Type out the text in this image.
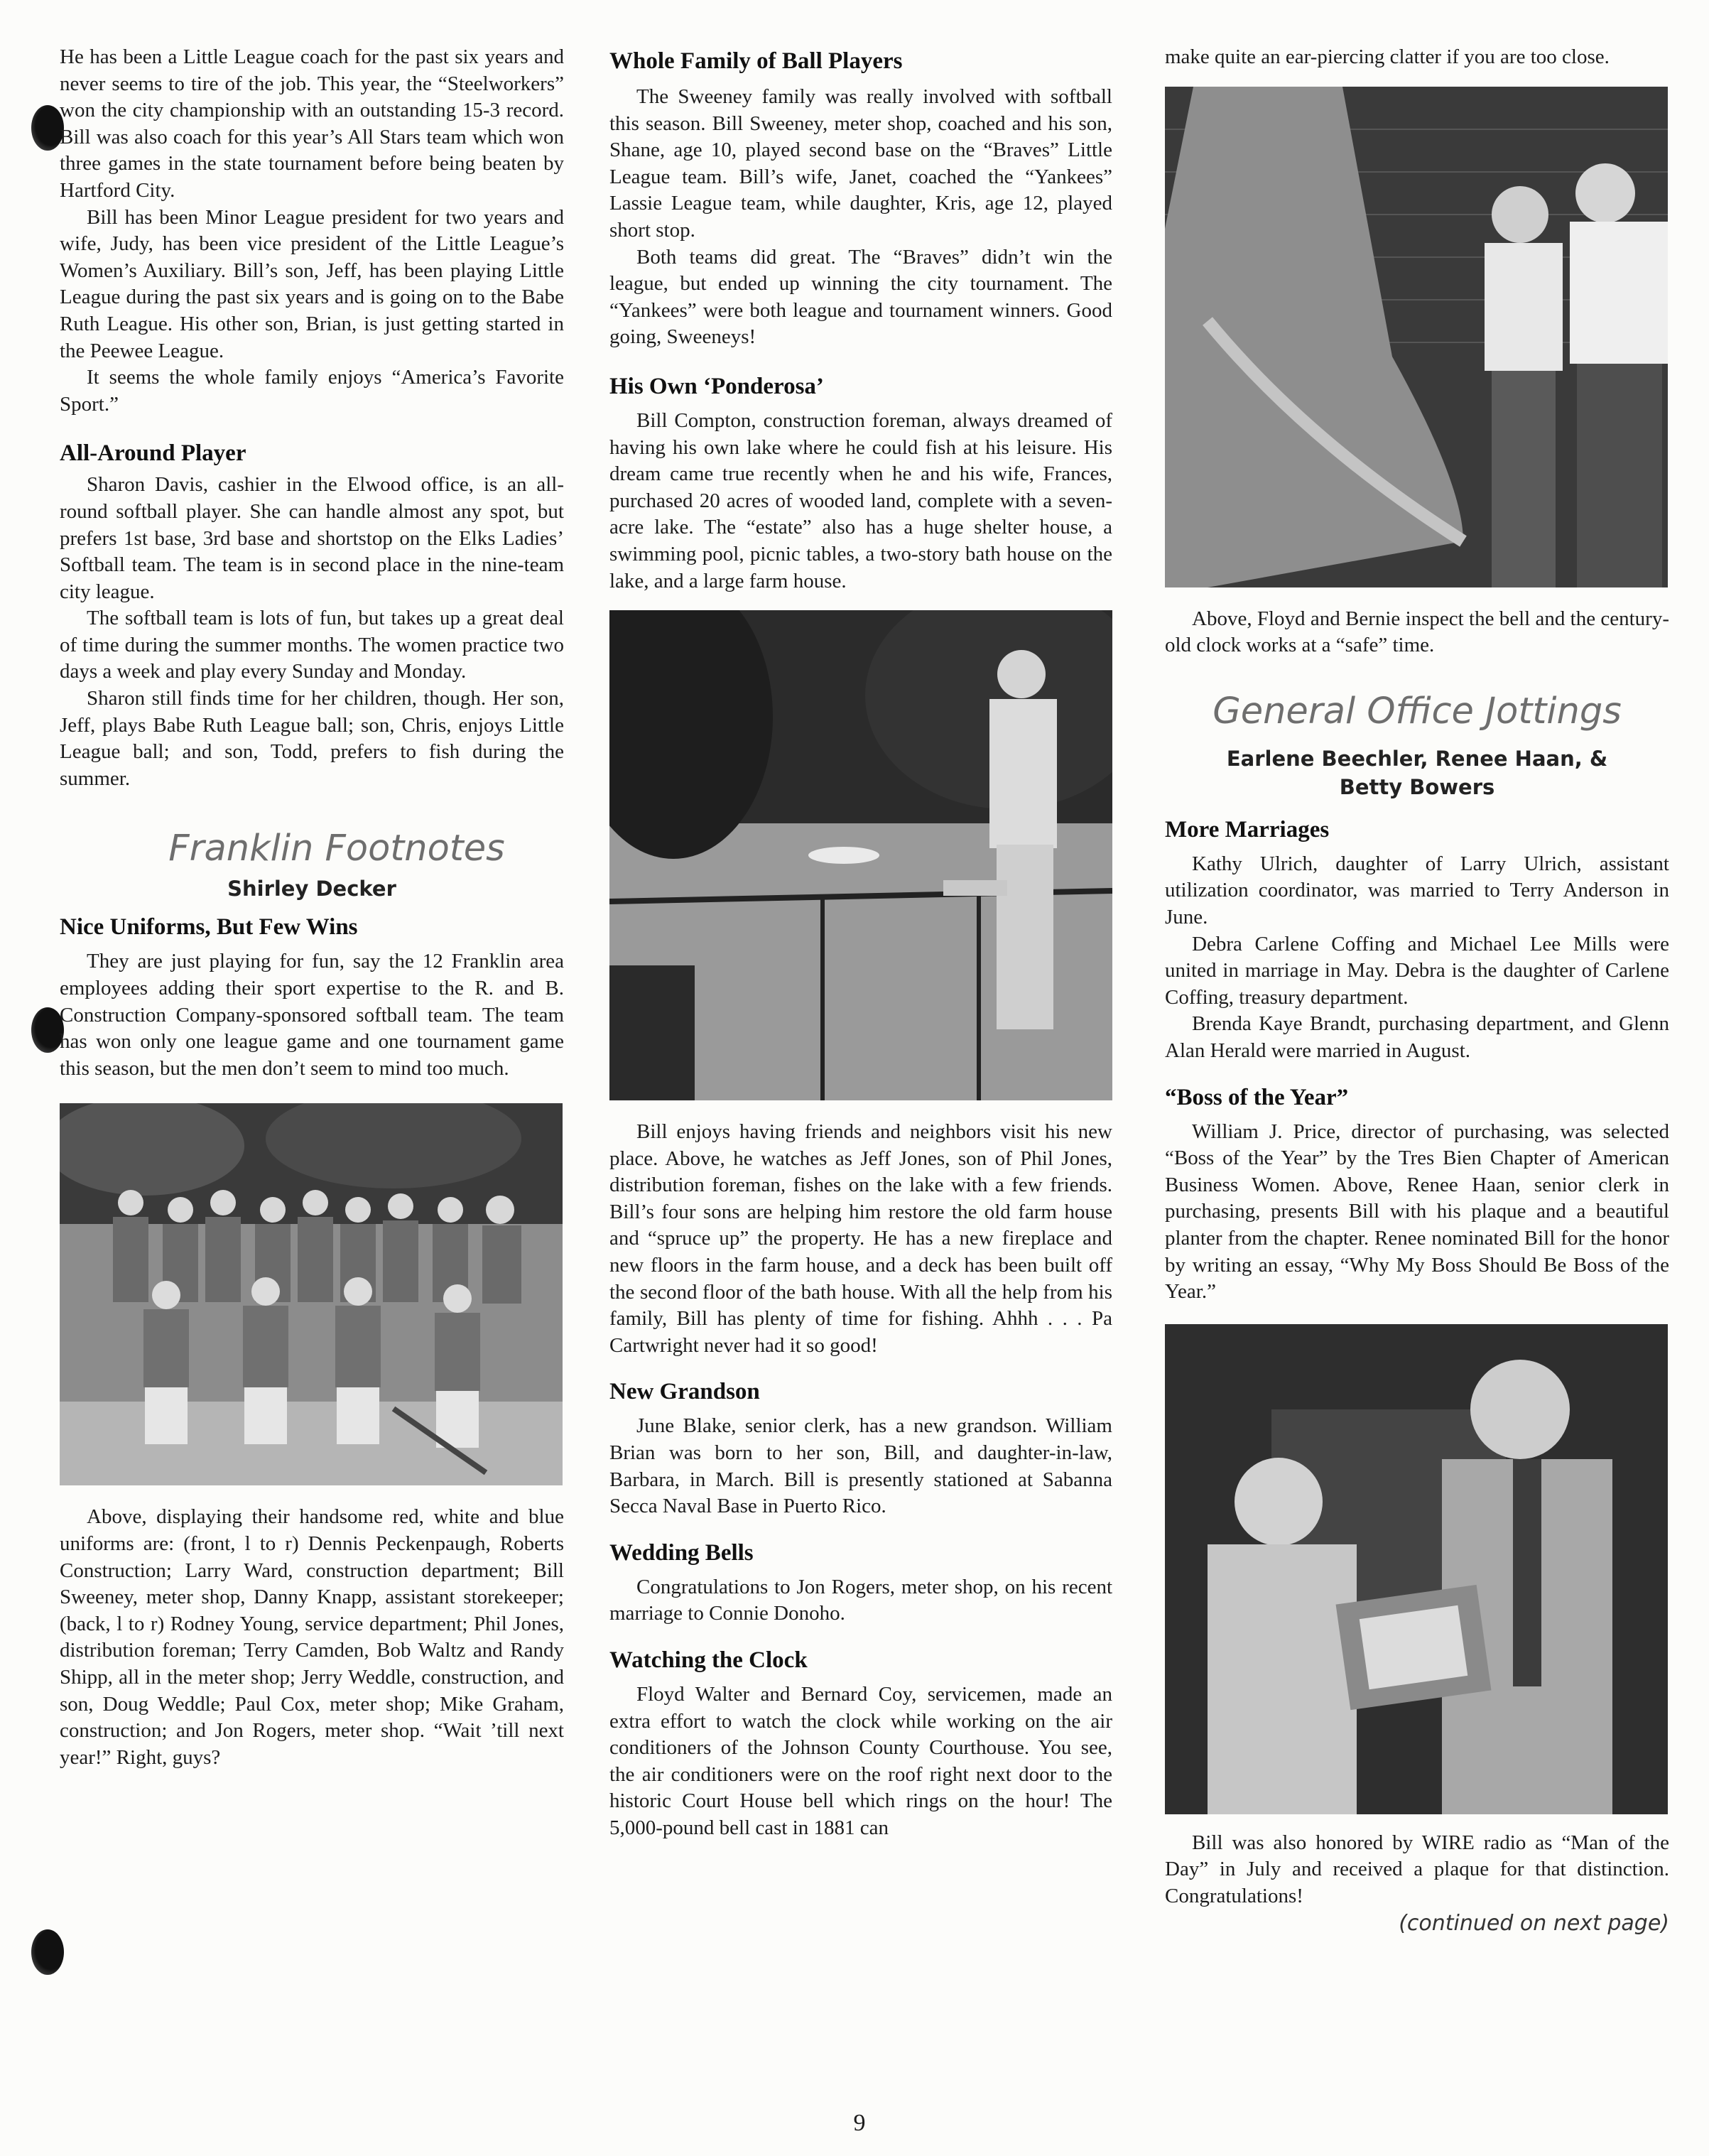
He has been a Little League coach for the past six years and never seems to tire of the job. This year, the “Steelworkers” won the city championship with an outstanding 15-3 record. Bill was also coach for this year’s All Stars team which won three games in the state tournament before being beaten by Hartford City.

Bill has been Minor League president for two years and wife, Judy, has been vice president of the Little League’s Women’s Auxiliary. Bill’s son, Jeff, has been playing Little League during the past six years and is going on to the Babe Ruth League. His other son, Brian, is just getting started in the Peewee League.

It seems the whole family enjoys “America’s Favorite Sport.”

All-Around Player

Sharon Davis, cashier in the Elwood office, is an all-round softball player. She can handle almost any spot, but prefers 1st base, 3rd base and shortstop on the Elks Ladies’ Softball team. The team is in second place in the nine-team city league.

The softball team is lots of fun, but takes up a great deal of time during the summer months. The women practice two days a week and play every Sunday and Monday.

Sharon still finds time for her children, though. Her son, Jeff, plays Babe Ruth League ball; son, Chris, enjoys Little League ball; and son, Todd, prefers to fish during the summer.

Franklin Footnotes
Shirley Decker
Nice Uniforms, But Few Wins

They are just playing for fun, say the 12 Franklin area employees adding their sport expertise to the R. and B. Construction Company-sponsored softball team. The team has won only one league game and one tournament game this season, but the men don’t seem to mind too much.

Above, displaying their handsome red, white and blue uniforms are: (front, l to r) Dennis Peckenpaugh, Roberts Construction; Larry Ward, construction department; Bill Sweeney, meter shop, Danny Knapp, assistant storekeeper; (back, l to r) Rodney Young, service department; Phil Jones, distribution foreman; Terry Camden, Bob Waltz and Randy Shipp, all in the meter shop; Jerry Weddle, construction, and son, Doug Weddle; Paul Cox, meter shop; Mike Graham, construction; and Jon Rogers, meter shop. “Wait ’till next year!” Right, guys?

Whole Family of Ball Players

The Sweeney family was really involved with softball this season. Bill Sweeney, meter shop, coached and his son, Shane, age 10, played second base on the “Braves” Little League team. Bill’s wife, Janet, coached the “Yankees” Lassie League team, while daughter, Kris, age 12, played short stop.

Both teams did great. The “Braves” didn’t win the league, but ended up winning the city tournament. The “Yankees” were both league and tournament winners. Good going, Sweeneys!

His Own ‘Ponderosa’

Bill Compton, construction foreman, always dreamed of having his own lake where he could fish at his leisure. His dream came true recently when he and his wife, Frances, purchased 20 acres of wooded land, complete with a seven-acre lake. The “estate” also has a huge shelter house, a swimming pool, picnic tables, a two-story bath house on the lake, and a large farm house.

Bill enjoys having friends and neighbors visit his new place. Above, he watches as Jeff Jones, son of Phil Jones, distribution foreman, fishes on the lake with a few friends. Bill’s four sons are helping him restore the old farm house and “spruce up” the property. He has a new fireplace and new floors in the farm house, and a deck has been built off the second floor of the bath house. With all the help from his family, Bill has plenty of time for fishing. Ahhh . . . Pa Cartwright never had it so good!

New Grandson

June Blake, senior clerk, has a new grandson. William Brian was born to her son, Bill, and daughter-in-law, Barbara, in March. Bill is presently stationed at Sabanna Secca Naval Base in Puerto Rico.

Wedding Bells

Congratulations to Jon Rogers, meter shop, on his recent marriage to Connie Donoho.

Watching the Clock

Floyd Walter and Bernard Coy, servicemen, made an extra effort to watch the clock while working on the air conditioners of the Johnson County Courthouse. You see, the air conditioners were on the roof right next door to the historic Court House bell which rings on the hour! The 5,000-pound bell cast in 1881 can

make quite an ear-piercing clatter if you are too close.

Above, Floyd and Bernie inspect the bell and the century-old clock works at a “safe” time.

General Office Jottings
Earlene Beechler, Renee Haan, &
Betty Bowers
More Marriages

Kathy Ulrich, daughter of Larry Ulrich, assistant utilization coordinator, was married to Terry Anderson in June.

Debra Carlene Coffing and Michael Lee Mills were united in marriage in May. Debra is the daughter of Carlene Coffing, treasury department.

Brenda Kaye Brandt, purchasing department, and Glenn Alan Herald were married in August.

“Boss of the Year”

William J. Price, director of purchasing, was selected “Boss of the Year” by the Tres Bien Chapter of American Business Women. Above, Renee Haan, senior clerk in purchasing, presents Bill with his plaque and a beautiful planter from the chapter. Renee nominated Bill for the honor by writing an essay, “Why My Boss Should Be Boss of the Year.”

Bill was also honored by WIRE radio as “Man of the Day” in July and received a plaque for that distinction. Congratulations!

(continued on next page)
9
